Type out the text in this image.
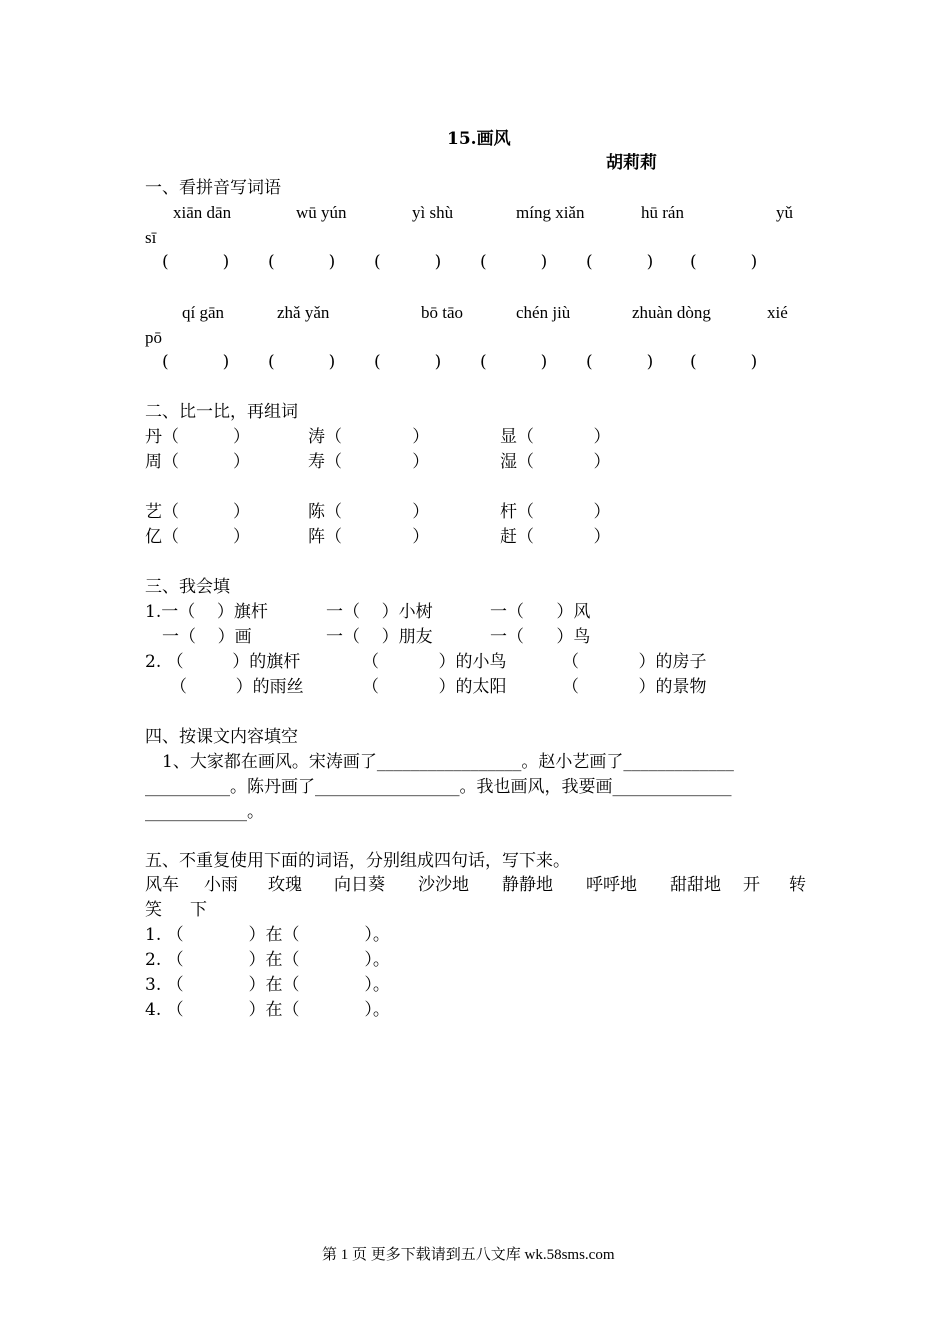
15.画风
胡莉莉
一、看拼音写词语
xiān dān	wū yún	yì shù	míng xiǎn	hū rán	yǔ
sī
(          ) (          ) (          ) (          ) (          ) (          )
qí gān	zhǎ yǎn	bō tāo	chén jiù	zhuàn dòng	xié
pō
(          ) (          ) (          ) (          ) (          ) (          )
二、比一比，再组词
丹（          ）	涛（             ）	显（           ）
周（          ）	寿（             ）	湿（           ）
艺（          ）	陈（             ）	杆（           ）
亿（          ）	阵（             ）	赶（           ）
三、我会填
1.一（    ）旗杆	一（    ）小树	一（      ）风
一（    ）画	一（    ）朋友	一（      ）鸟
2. （         ）的旗杆	（           ）的小鸟	（           ）的房子
（         ）的雨丝	（           ）的太阳	（           ）的景物
四、按课文内容填空
1、大家都在画风。宋涛画了_________________。赵小艺画了_____________
__________。陈丹画了_________________。我也画风，我要画______________
____________。
五、不重复使用下面的词语，分别组成四句话，写下来。
风车 小雨 玫瑰 向日葵 沙沙地 静静地 呼呼地 甜甜地 开 转
笑 下
1. （            ）在（            ）。
2. （            ）在（            ）。
3. （            ）在（            ）。
4. （            ）在（            ）。
第 1 页 更多下载请到五八文库 wk.58sms.com
